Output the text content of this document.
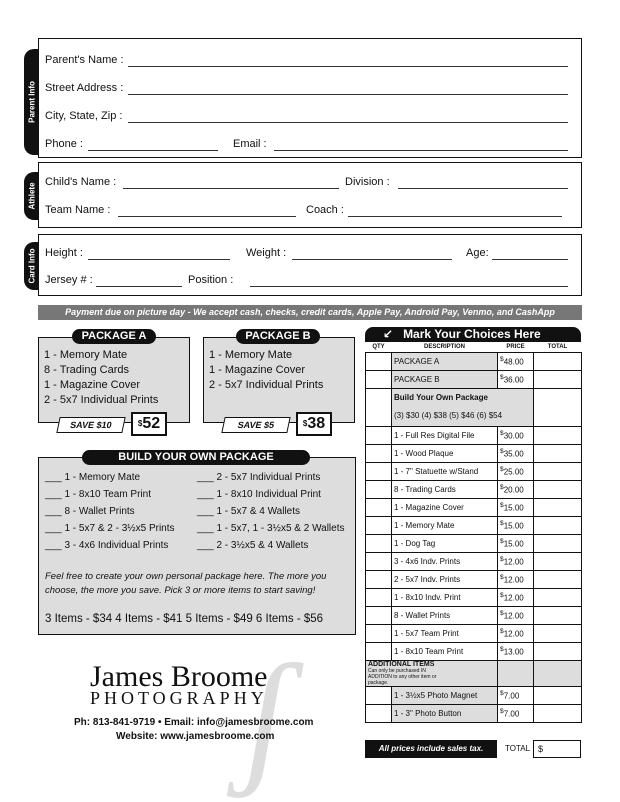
Parent Info
Parent's Name :
Street Address :
City, State, Zip :
Phone :	Email :
Athlete
Child's Name :	Division :
Team Name :	Coach :
Card Info Height :	Weight :	Age:
Jersey # :	Position :
Payment due on picture day - We accept cash, checks, credit cards, Apple Pay, Android Pay, Venmo, and CashApp
PACKAGE A
1 - Memory Mate
8 - Trading Cards
1 - Magazine Cover
2 - 5x7 Individual Prints
SAVE $10	$52
PACKAGE B
1 - Memory Mate
1 - Magazine Cover
2 - 5x7 Individual Prints
SAVE $5	$38
BUILD YOUR OWN PACKAGE
___ 1 - Memory Mate
___ 1 - 8x10 Team Print
___ 8 - Wallet Prints
___ 1 - 5x7 & 2 - 3½x5 Prints
___ 3 - 4x6 Individual Prints
___ 2 - 5x7 Individual Prints
___ 1 - 8x10 Individual Print
___ 1 - 5x7 & 4 Wallets
___ 1 - 5x7, 1 - 3½x5 & 2 Wallets
___ 2 - 3½x5 & 4 Wallets
Feel free to create your own personal package here. The more you choose, the more you save. Pick 3 or more items to start saving!
3 Items - $34 4 Items - $41 5 Items - $49 6 Items - $56
↙ Mark Your Choices Here
QTY	DESCRIPTION	PRICE	TOTAL
	PACKAGE A	$48.00	
	PACKAGE B	$36.00	

	Build Your Own Package
(3) $30 (4) $38 (5) $46 (6) $54		

	1 - Full Res Digital File	$30.00	
	1 - Wood Plaque	$35.00	
	1 - 7" Statuette w/Stand	$25.00	
	8 - Trading Cards	$20.00	
	1 - Magazine Cover	$15.00	
	1 - Memory Mate	$15.00	
	1 - Dog Tag	$15.00	
	3 - 4x6 Indv. Prints	$12.00	
	2 - 5x7 Indv. Prints	$12.00	
	1 - 8x10 Indv. Print	$12.00	
	8 - Wallet Prints	$12.00	
	1 - 5x7 Team Print	$12.00	
	1 - 8x10 Team Print	$13.00	
ADDITIONAL ITEMS Can only be purchased IN ADDITION to any other item or package.			
	1 - 3½x5 Photo Magnet	$7.00	
	1 - 3" Photo Button	$7.00	
All prices include sales tax.	TOTAL $
ʃ
James Broome
PHOTOGRAPHY
Ph: 813-841-9719 • Email: info@jamesbroome.com
Website: www.jamesbroome.com
